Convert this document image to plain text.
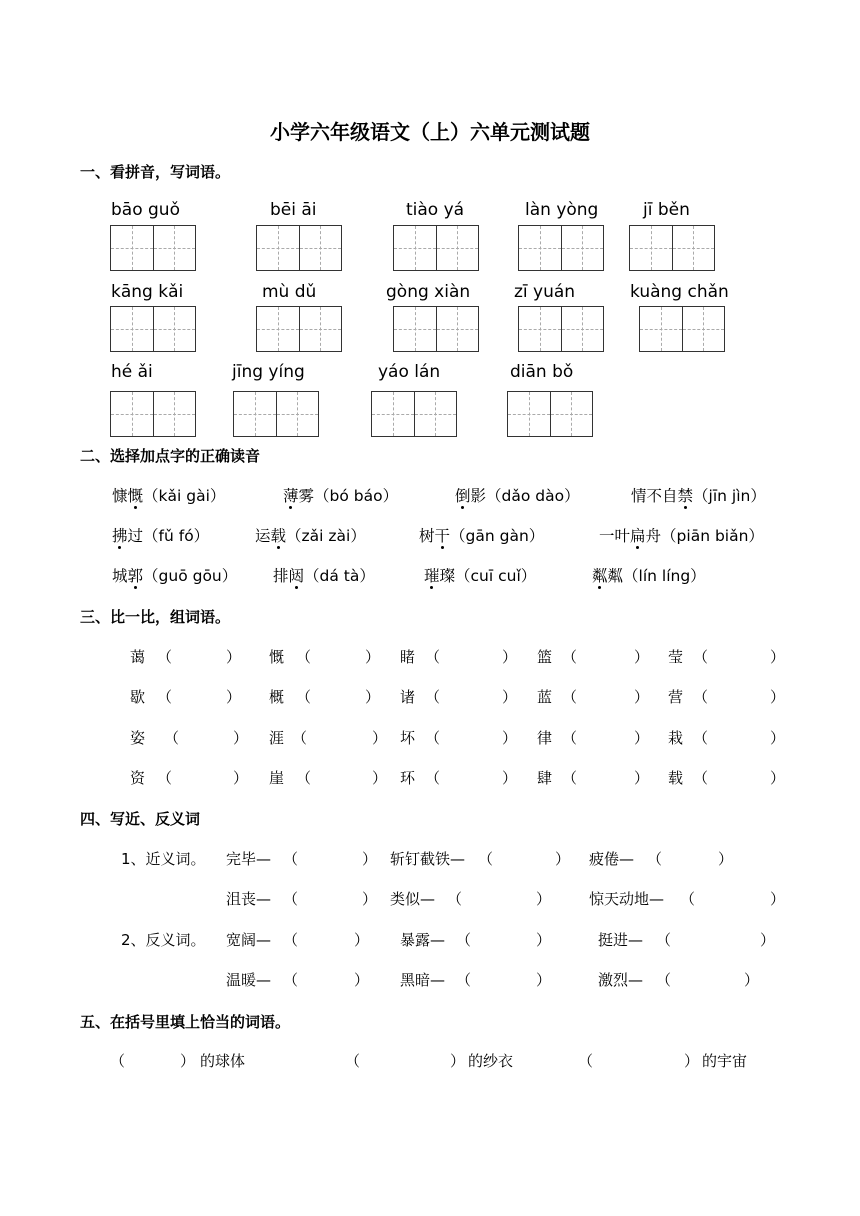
小学六年级语文（上）六单元测试题
一、看拼音，写词语。
bāo guǒ	bēi āi	tiào yá	làn yòng	jī běn
kāng kǎi	mù dǔ	gòng xiàn	zī yuán	kuàng chǎn
hé ǎi	jīng yíng	yáo lán	diān bǒ
二、选择加点字的正确读音
慷慨（kǎi gài）	薄雾（bó báo）	倒影（dǎo dào）	情不自禁（jīn jìn）
拂过（fǔ fó）	运载（zǎi zài）	树干（gān gàn）	一叶扁舟（piān biǎn）
城郭（guō gōu） 排闼（dá tà）	璀璨（cuī cuǐ）	粼粼（lín líng）
三、比一比，组词语。
蔼 （	） 慨 （	） 睹 （	） 篮 （	） 莹 （	）
歇 （	） 概 （	） 诸 （	） 蓝 （	） 营 （	）
姿 （	） 涯 （	） 坏 （	） 律 （	） 栽 （	）
资 （	） 崖 （	） 环 （	） 肆 （	） 载 （	）
四、写近、反义词
1、近义词。 完毕— （	） 斩钉截铁— （	） 疲倦— （	）
沮丧— （	） 类似— （	）	惊天动地— （	）
2、反义词。 宽阔— （	） 暴露— （	）	挺进— （	）
温暖— （	） 黑暗— （	）	激烈— （	）
五、在括号里填上恰当的词语。
（	） 的球体	（	） 的纱衣	（	） 的宇宙
